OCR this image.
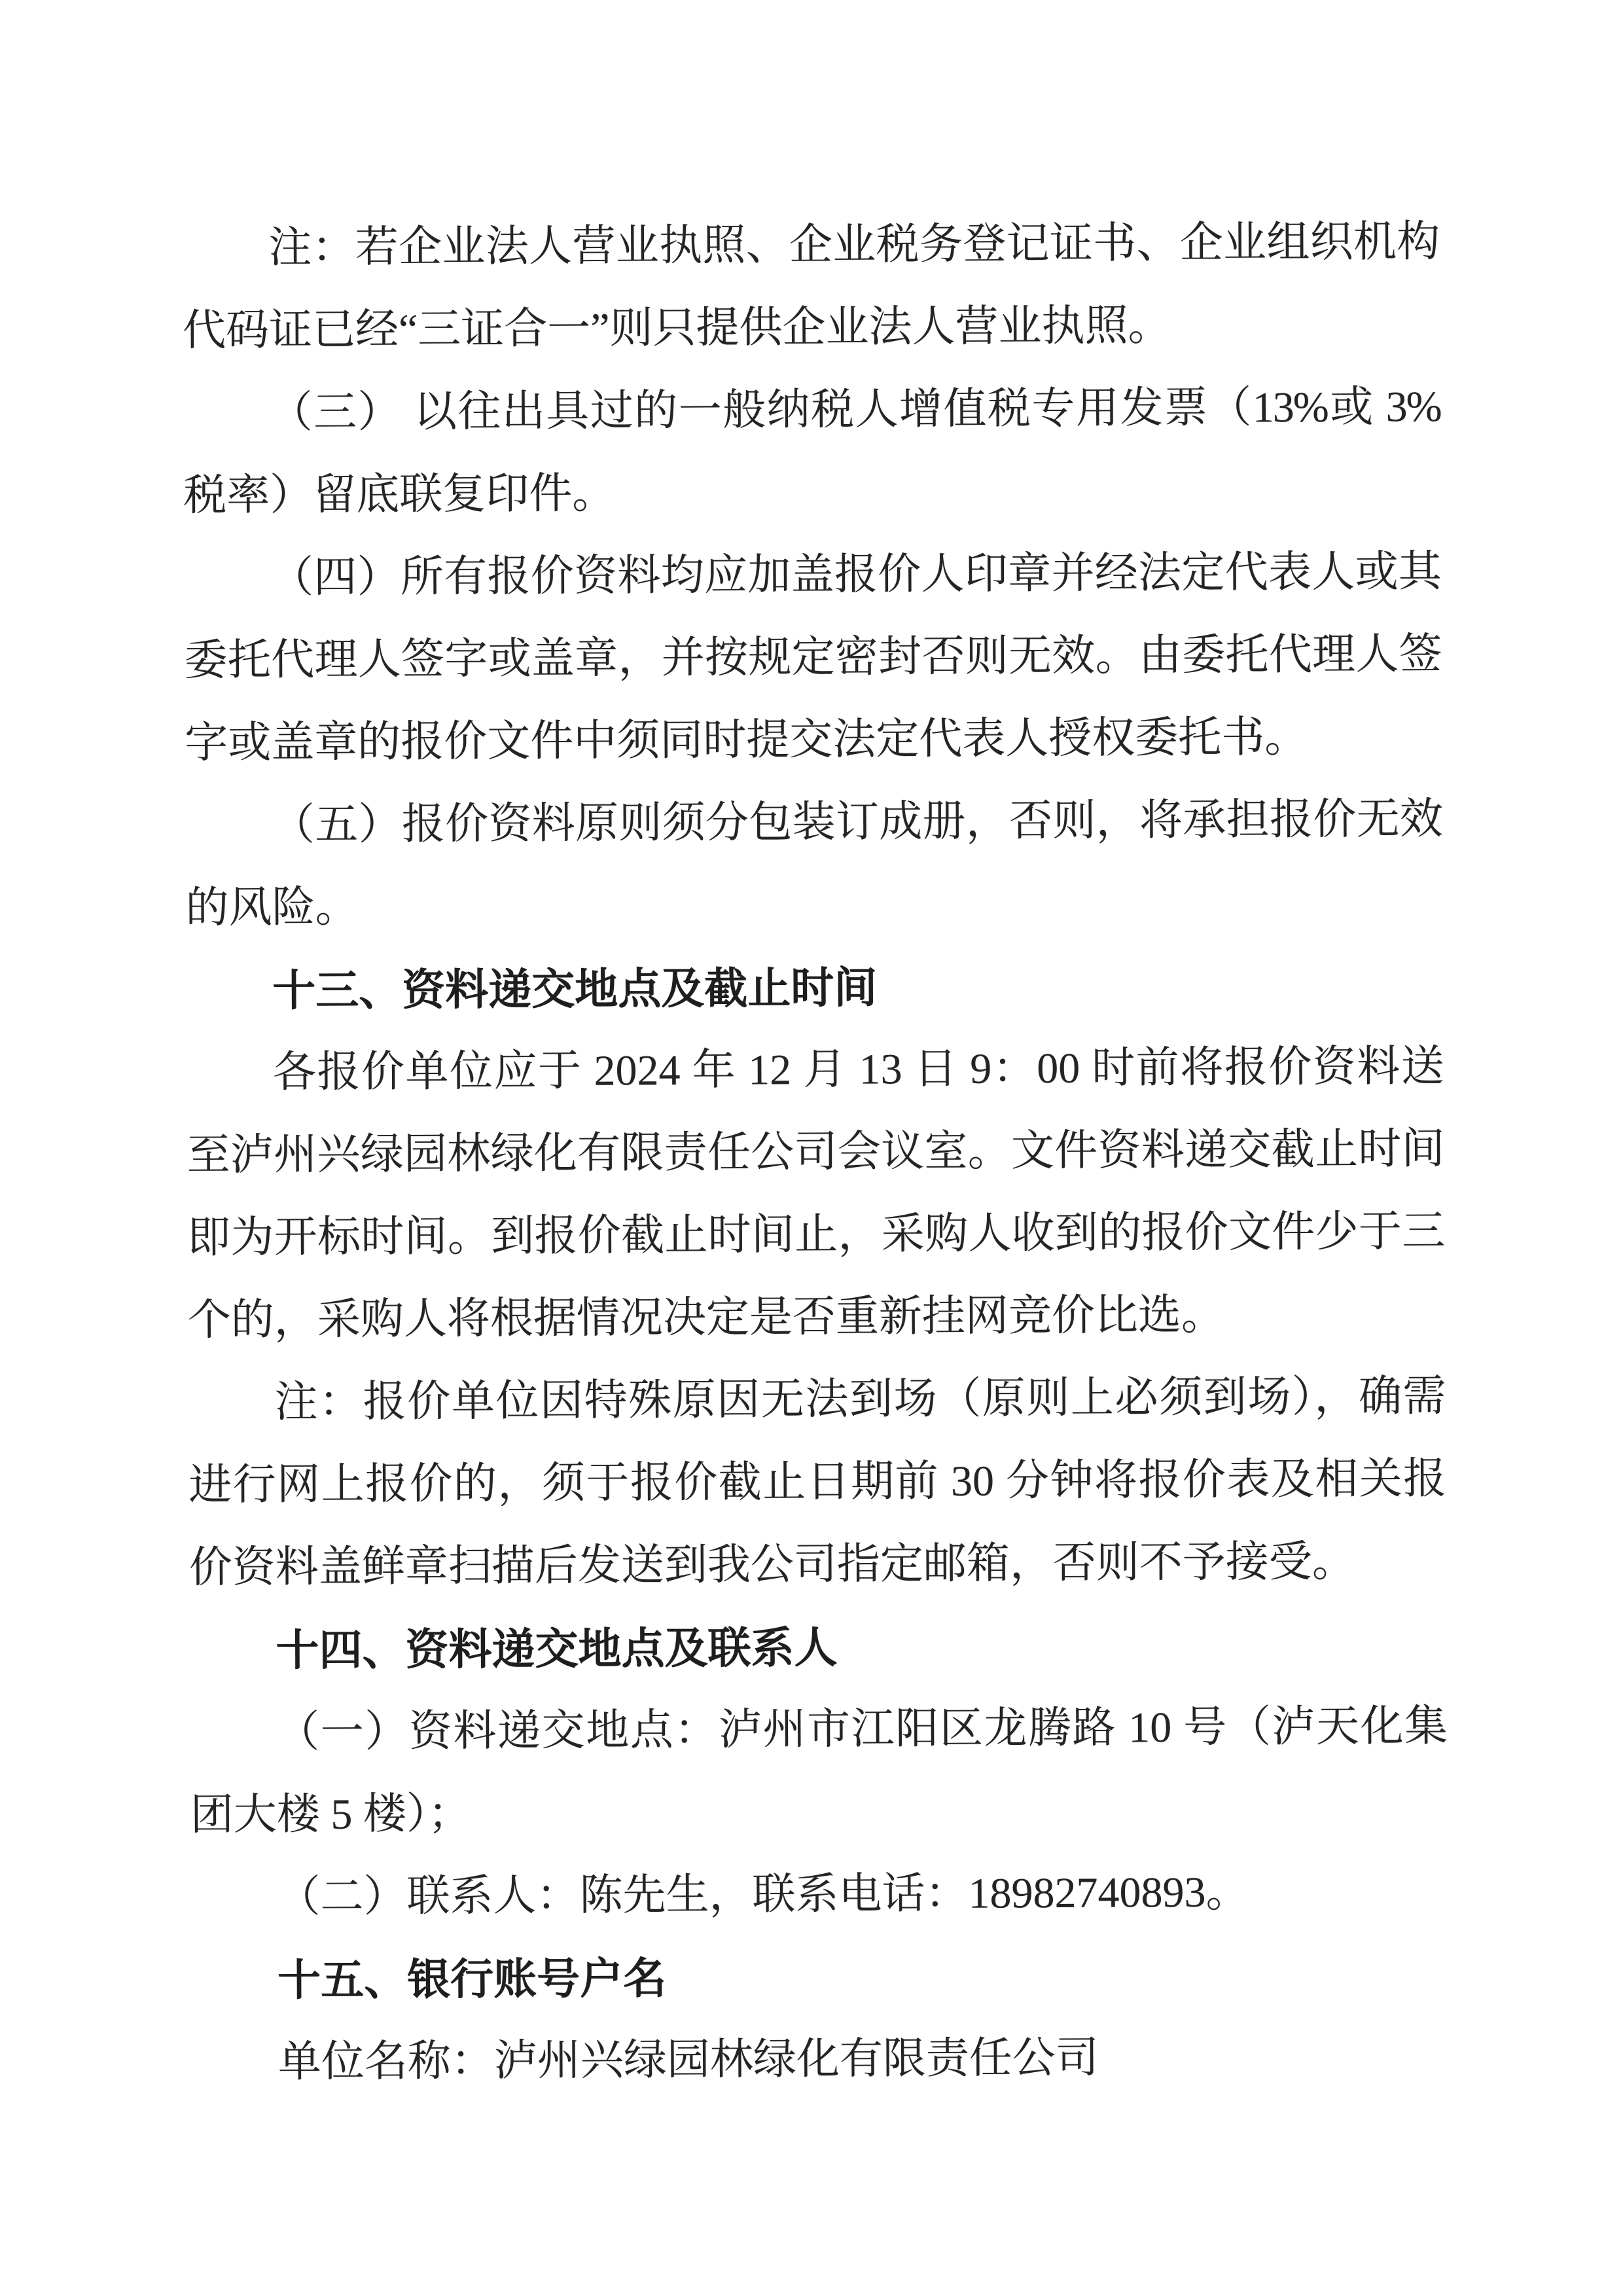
注：若企业法人营业执照、企业税务登记证书、企业组织机构
代码证已经“三证合一”则只提供企业法人营业执照。
（三） 以往出具过的一般纳税人增值税专用发票（13%或 3%
税率）留底联复印件。
（四）所有报价资料均应加盖报价人印章并经法定代表人或其
委托代理人签字或盖章，并按规定密封否则无效。由委托代理人签
字或盖章的报价文件中须同时提交法定代表人授权委托书。
（五）报价资料原则须分包装订成册，否则，将承担报价无效
的风险。
十三、资料递交地点及截止时间
各报价单位应于 2024 年 12 月 13 日 9：00 时前将报价资料送
至泸州兴绿园林绿化有限责任公司会议室。文件资料递交截止时间
即为开标时间。到报价截止时间止，采购人收到的报价文件少于三
个的，采购人将根据情况决定是否重新挂网竞价比选。
注：报价单位因特殊原因无法到场（原则上必须到场），确需
进行网上报价的，须于报价截止日期前 30 分钟将报价表及相关报
价资料盖鲜章扫描后发送到我公司指定邮箱，否则不予接受。
十四、资料递交地点及联系人
（一）资料递交地点：泸州市江阳区龙腾路 10 号（泸天化集
团大楼 5 楼）；
（二）联系人：陈先生，联系电话：18982740893。
十五、银行账号户名
单位名称：泸州兴绿园林绿化有限责任公司
